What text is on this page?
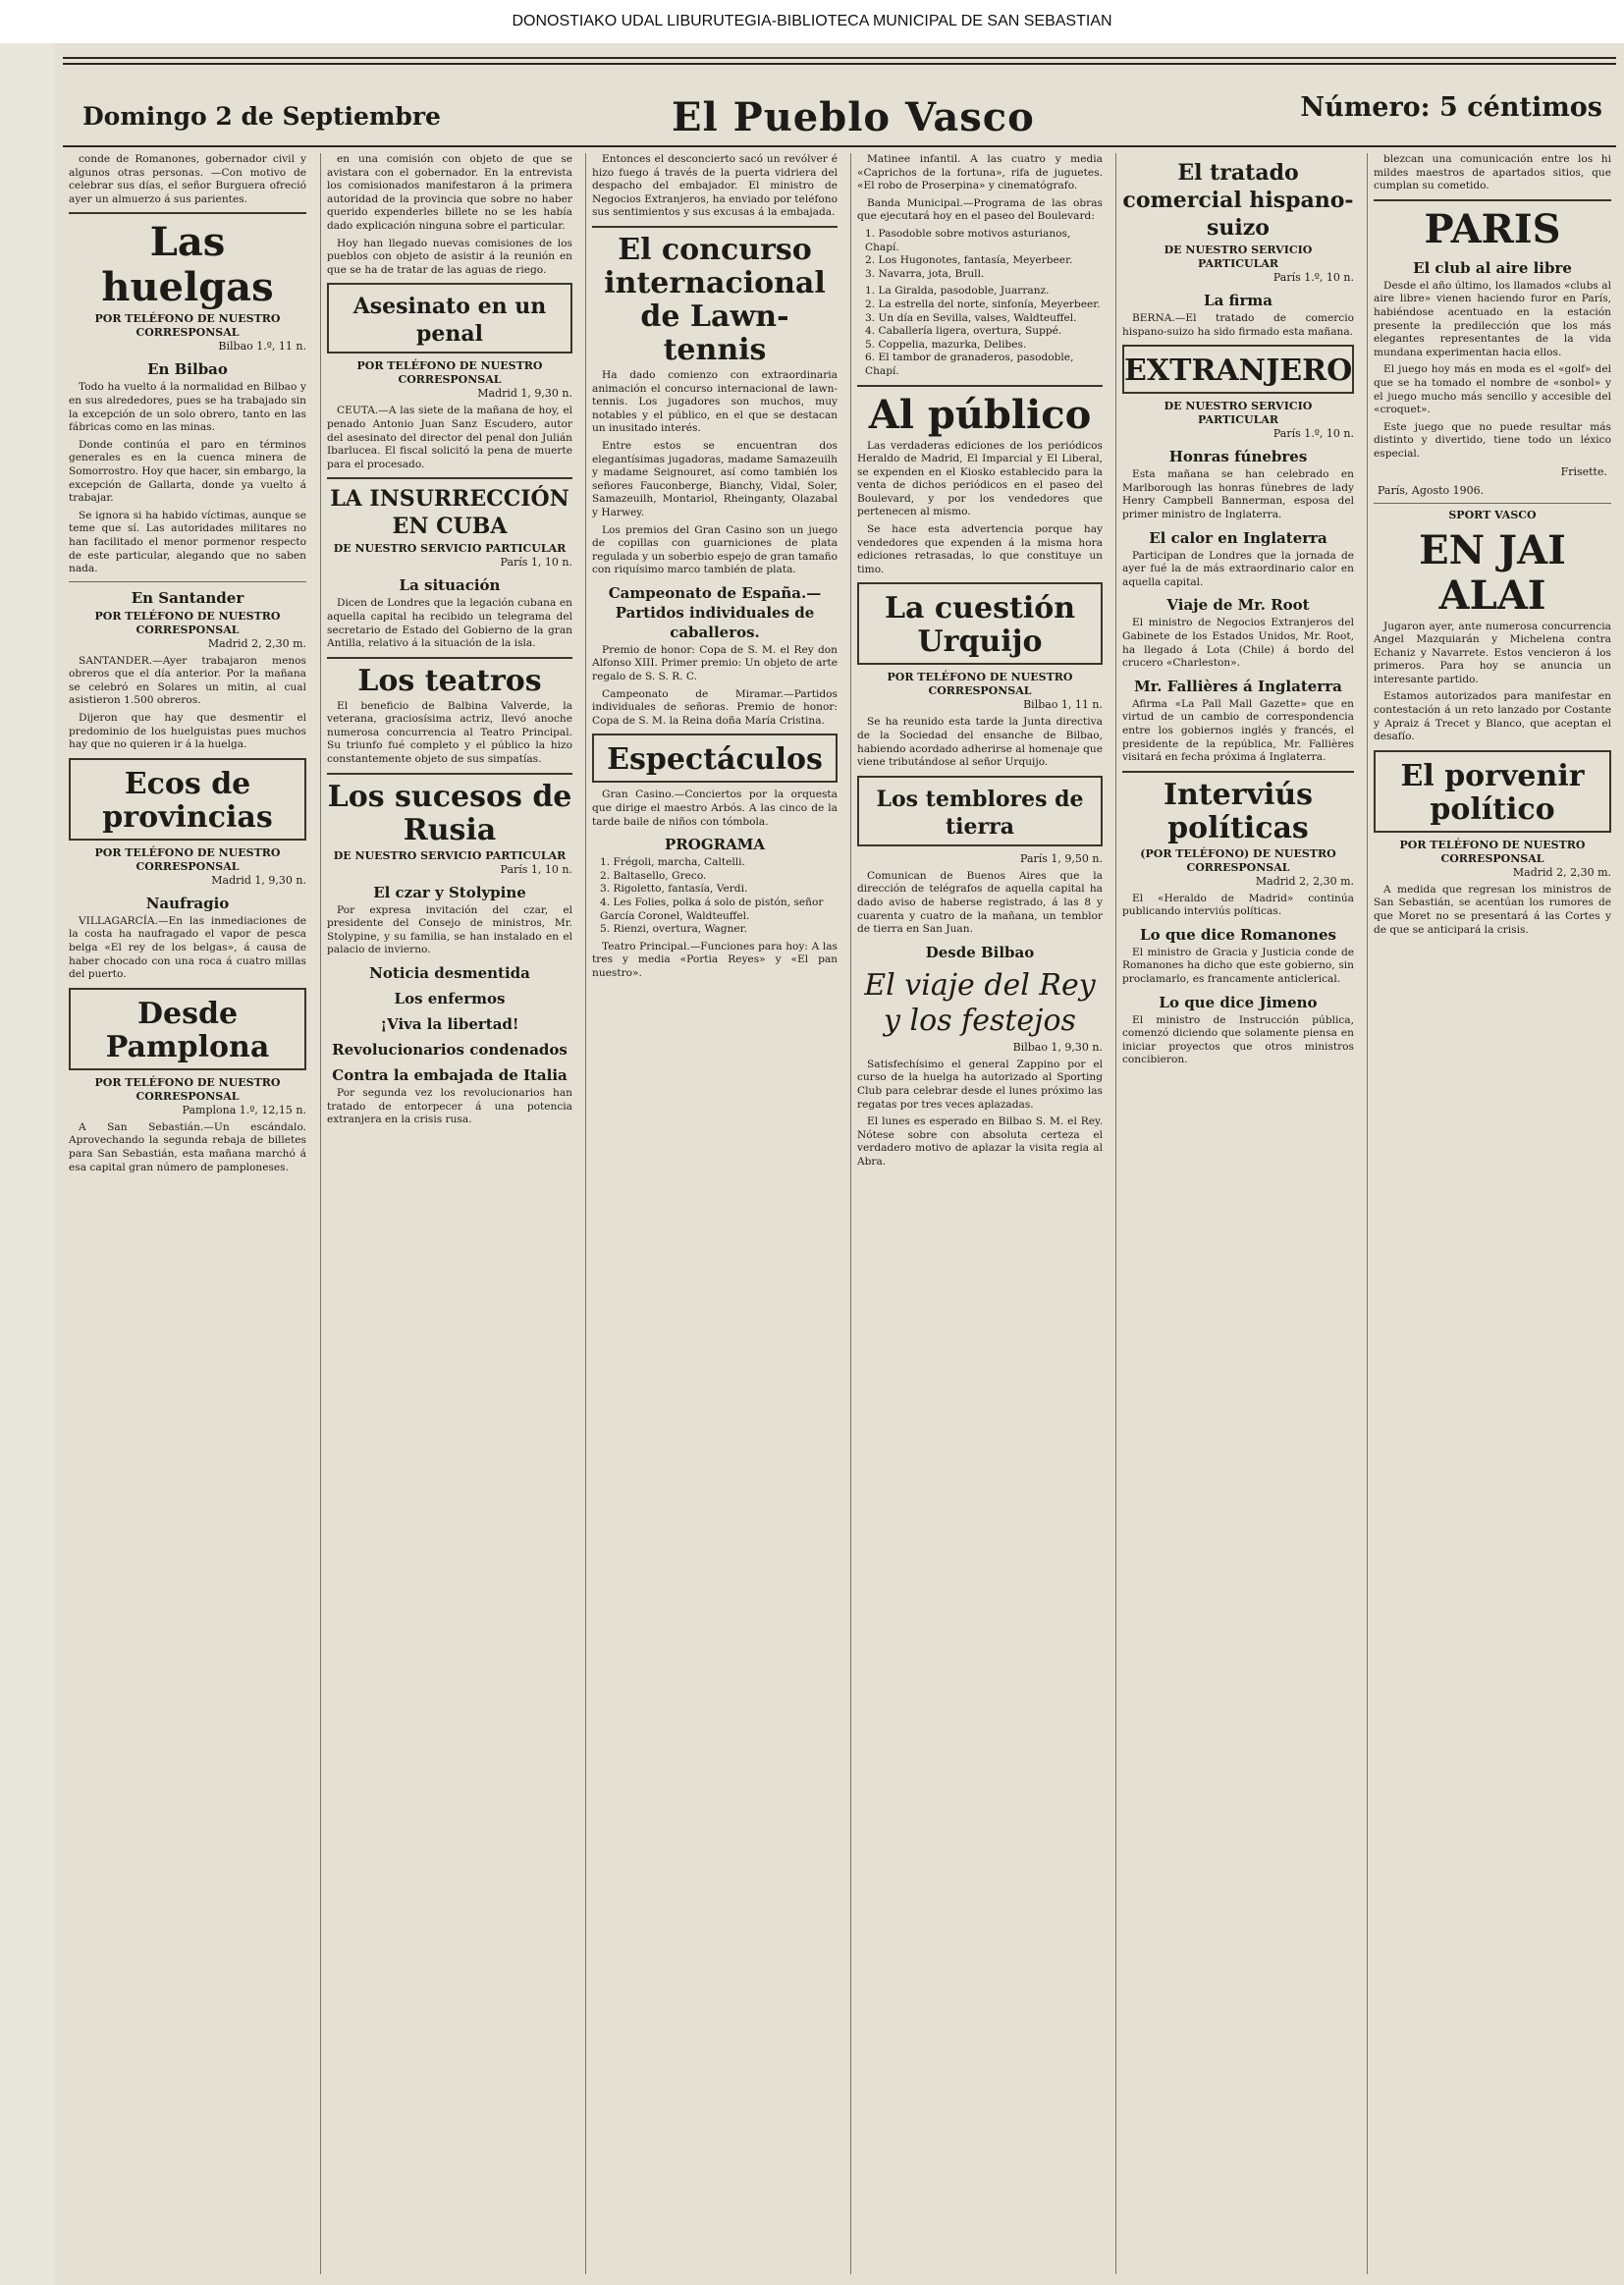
DONOSTIAKO UDAL LIBURUTEGIA-BIBLIOTECA MUNICIPAL DE SAN SEBASTIAN
Domingo 2 de Septiembre	El Pueblo Vasco	Número: 5 céntimos

conde de Romanones, gobernador civil y algunos otras personas. —Con motivo de celebrar sus días, el señor Burguera ofreció ayer un almuerzo á sus parientes.

Las huelgas
POR TELÉFONO DE NUESTRO CORRESPONSAL
Bilbao 1.º, 11 n.
En Bilbao

Todo ha vuelto á la normalidad en Bilbao y en sus alrededores, pues se ha trabajado sin la excepción de un solo obrero, tanto en las fábricas como en las minas.

Donde continúa el paro en términos generales es en la cuenca minera de Somorrostro. Hoy que hacer, sin embargo, la excepción de Gallarta, donde ya vuelto á trabajar.

Se ignora si ha habido víctimas, aunque se teme que sí. Las autoridades militares no han facilitado el menor pormenor respecto de este particular, alegando que no saben nada.

En Santander
POR TELÉFONO DE NUESTRO CORRESPONSAL
Madrid 2, 2,30 m.

SANTANDER.—Ayer trabajaron menos obreros que el día anterior. Por la mañana se celebró en Solares un mitin, al cual asistieron 1.500 obreros.

Dijeron que hay que desmentir el predominio de los huelguistas pues muchos hay que no quieren ir á la huelga.

Ecos de provincias
POR TELÉFONO DE NUESTRO CORRESPONSAL
Madrid 1, 9,30 n.
Naufragio

VILLAGARCÍA.—En las inmediaciones de la costa ha naufragado el vapor de pesca belga «El rey de los belgas», á causa de haber chocado con una roca á cuatro millas del puerto.

Desde Pamplona
POR TELÉFONO DE NUESTRO CORRESPONSAL
Pamplona 1.º, 12,15 n.

A San Sebastián.—Un escándalo. Aprovechando la segunda rebaja de billetes para San Sebastián, esta mañana marchó á esa capital gran número de pamploneses.

en una comisión con objeto de que se avistara con el gobernador. En la entrevista los comisionados manifestaron á la primera autoridad de la provincia que sobre no haber querido expenderles billete no se les había dado explicación ninguna sobre el particular.

Hoy han llegado nuevas comisiones de los pueblos con objeto de asistir á la reunión en que se ha de tratar de las aguas de riego.

Asesinato en un penal
POR TELÉFONO DE NUESTRO CORRESPONSAL
Madrid 1, 9,30 n.

CEUTA.—A las siete de la mañana de hoy, el penado Antonio Juan Sanz Escudero, autor del asesinato del director del penal don Julián Ibarlucea. El fiscal solicitó la pena de muerte para el procesado.

LA INSURRECCIÓN EN CUBA
DE NUESTRO SERVICIO PARTICULAR
París 1, 10 n.
La situación

Dicen de Londres que la legación cubana en aquella capital ha recibido un telegrama del secretario de Estado del Gobierno de la gran Antilla, relativo á la situación de la isla.

Los teatros

El beneficio de Balbina Valverde, la veterana, graciosísima actriz, llevó anoche numerosa concurrencia al Teatro Principal. Su triunfo fué completo y el público la hizo constantemente objeto de sus simpatías.

Los sucesos de Rusia
DE NUESTRO SERVICIO PARTICULAR
París 1, 10 n.
El czar y Stolypine

Por expresa invitación del czar, el presidente del Consejo de ministros, Mr. Stolypine, y su familia, se han instalado en el palacio de invierno.

Noticia desmentida
Los enfermos
¡Viva la libertad!
Revolucionarios condenados
Contra la embajada de Italia

Por segunda vez los revolucionarios han tratado de entorpecer á una potencia extranjera en la crisis rusa.

Entonces el desconcierto sacó un revólver é hizo fuego á través de la puerta vidriera del despacho del embajador. El ministro de Negocios Extranjeros, ha enviado por teléfono sus sentimientos y sus excusas á la embajada.

El concurso internacional de Lawn-tennis

Ha dado comienzo con extraordinaria animación el concurso internacional de lawn-tennis. Los jugadores son muchos, muy notables y el público, en el que se destacan un inusitado interés.

Entre estos se encuentran dos elegantísimas jugadoras, madame Samazeuilh y madame Seignouret, así como también los señores Fauconberge, Bianchy, Vidal, Soler, Samazeuilh, Montariol, Rheinganty, Olazabal y Harwey.

Los premios del Gran Casino son un juego de copillas con guarniciones de plata regulada y un soberbio espejo de gran tamaño con riquísimo marco también de plata.

Campeonato de España.—Partidos individuales de caballeros.

Premio de honor: Copa de S. M. el Rey don Alfonso XIII. Primer premio: Un objeto de arte regalo de S. S. R. C.

Campeonato de Miramar.—Partidos individuales de señoras. Premio de honor: Copa de S. M. la Reina doña María Cristina.

Espectáculos

Gran Casino.—Conciertos por la orquesta que dirige el maestro Arbós. A las cinco de la tarde baile de niños con tómbola.

PROGRAMA
1. Frégoli, marcha, Caltelli.
2. Baltasello, Greco.
3. Rigoletto, fantasía, Verdi.
4. Les Folies, polka á solo de pistón, señor García Coronel, Waldteuffel.
5. Rienzi, overtura, Wagner.

Teatro Principal.—Funciones para hoy: A las tres y media «Portia Reyes» y «El pan nuestro».

Matinee infantil. A las cuatro y media «Caprichos de la fortuna», rifa de juguetes. «El robo de Proserpina» y cinematógrafo.

Banda Municipal.—Programa de las obras que ejecutará hoy en el paseo del Boulevard:

1. Pasodoble sobre motivos asturianos, Chapí.
2. Los Hugonotes, fantasía, Meyerbeer.
3. Navarra, jota, Brull.
1. La Giralda, pasodoble, Juarranz.
2. La estrella del norte, sinfonía, Meyerbeer.
3. Un día en Sevilla, valses, Waldteuffel.
4. Caballería ligera, overtura, Suppé.
5. Coppelia, mazurka, Delibes.
6. El tambor de granaderos, pasodoble, Chapí.
Al público

Las verdaderas ediciones de los periódicos Heraldo de Madrid, El Imparcial y El Liberal, se expenden en el Kiosko establecido para la venta de dichos periódicos en el paseo del Boulevard, y por los vendedores que pertenecen al mismo.

Se hace esta advertencia porque hay vendedores que expenden á la misma hora ediciones retrasadas, lo que constituye un timo.

La cuestión Urquijo
POR TELÉFONO DE NUESTRO CORRESPONSAL
Bilbao 1, 11 n.

Se ha reunido esta tarde la Junta directiva de la Sociedad del ensanche de Bilbao, habiendo acordado adherirse al homenaje que viene tributándose al señor Urquijo.

Los temblores de tierra
París 1, 9,50 n.

Comunican de Buenos Aires que la dirección de telégrafos de aquella capital ha dado aviso de haberse registrado, á las 8 y cuarenta y cuatro de la mañana, un temblor de tierra en San Juan.

Desde Bilbao
El viaje del Rey y los festejos
Bilbao 1, 9,30 n.

Satisfechísimo el general Zappino por el curso de la huelga ha autorizado al Sporting Club para celebrar desde el lunes próximo las regatas por tres veces aplazadas.

El lunes es esperado en Bilbao S. M. el Rey. Nótese sobre con absoluta certeza el verdadero motivo de aplazar la visita regia al Abra.

El tratado comercial hispano-suizo
DE NUESTRO SERVICIO PARTICULAR
París 1.º, 10 n.
La firma

BERNA.—El tratado de comercio hispano-suizo ha sido firmado esta mañana.

EXTRANJERO
DE NUESTRO SERVICIO PARTICULAR
París 1.º, 10 n.
Honras fúnebres

Esta mañana se han celebrado en Marlborough las honras fúnebres de lady Henry Campbell Bannerman, esposa del primer ministro de Inglaterra.

El calor en Inglaterra

Participan de Londres que la jornada de ayer fué la de más extraordinario calor en aquella capital.

Viaje de Mr. Root

El ministro de Negocios Extranjeros del Gabinete de los Estados Unidos, Mr. Root, ha llegado á Lota (Chile) á bordo del crucero «Charleston».

Mr. Fallières á Inglaterra

Afirma «La Pall Mall Gazette» que en virtud de un cambio de correspondencia entre los gobiernos inglés y francés, el presidente de la república, Mr. Fallières visitará en fecha próxima á Inglaterra.

Interviús políticas
(POR TELÉFONO) DE NUESTRO CORRESPONSAL
Madrid 2, 2,30 m.

El «Heraldo de Madrid» continúa publicando interviús políticas.

Lo que dice Romanones

El ministro de Gracia y Justicia conde de Romanones ha dicho que este gobierno, sin proclamarlo, es francamente anticlerical.

Lo que dice Jimeno

El ministro de Instrucción pública, comenzó diciendo que solamente piensa en iniciar proyectos que otros ministros concibieron.

blezcan una comunicación entre los hi mildes maestros de apartados sitios, que cumplan su cometido.

PARIS
El club al aire libre

Desde el año último, los llamados «clubs al aire libre» vienen haciendo furor en París, habiéndose acentuado en la estación presente la predilección que los más elegantes representantes de la vida mundana experimentan hacia ellos.

El juego hoy más en moda es el «golf» del que se ha tomado el nombre de «sonbol» y el juego mucho más sencillo y accesible del «croquet».

Este juego que no puede resultar más distinto y divertido, tiene todo un léxico especial.

Frisette.
París, Agosto 1906.
SPORT VASCO
EN JAI ALAI

Jugaron ayer, ante numerosa concurrencia Angel Mazquiarán y Michelena contra Echaniz y Navarrete. Estos vencieron á los primeros. Para hoy se anuncia un interesante partido.

Estamos autorizados para manifestar en contestación á un reto lanzado por Costante y Apraiz á Trecet y Blanco, que aceptan el desafío.

El porvenir político
POR TELÉFONO DE NUESTRO CORRESPONSAL
Madrid 2, 2,30 m.

A medida que regresan los ministros de San Sebastián, se acentúan los rumores de que Moret no se presentará á las Cortes y de que se anticipará la crisis.
